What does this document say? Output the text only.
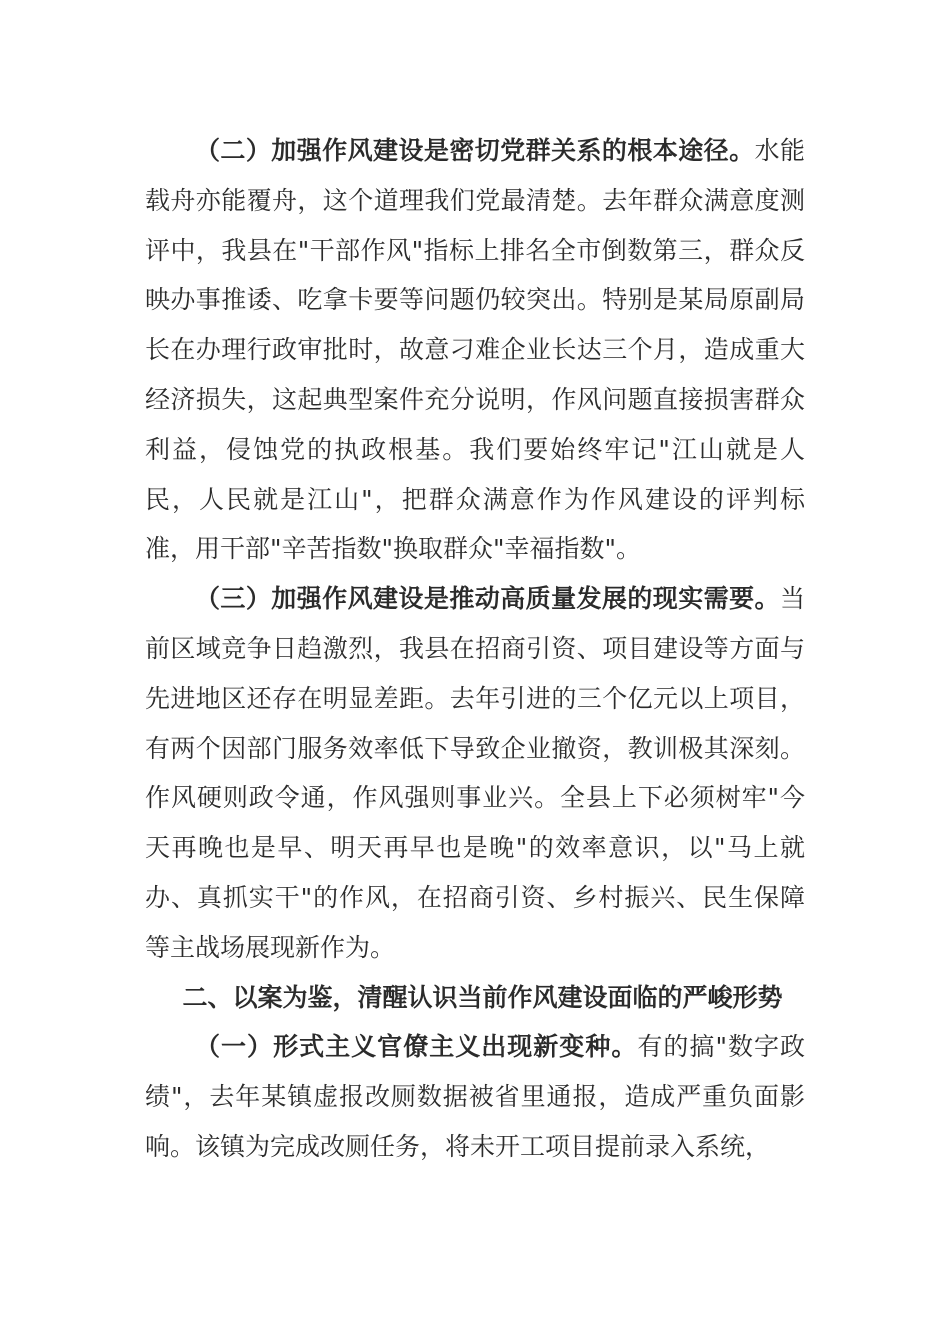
（二）加强作风建设是密切党群关系的根本途径。水能载舟亦能覆舟，这个道理我们党最清楚。去年群众满意度测评中，我县在"干部作风"指标上排名全市倒数第三，群众反映办事推诿、吃拿卡要等问题仍较突出。特别是某局原副局长在办理行政审批时，故意刁难企业长达三个月，造成重大经济损失，这起典型案件充分说明，作风问题直接损害群众利益，侵蚀党的执政根基。我们要始终牢记"江山就是人民，人民就是江山"，把群众满意作为作风建设的评判标准，用干部"辛苦指数"换取群众"幸福指数"。

（三）加强作风建设是推动高质量发展的现实需要。当前区域竞争日趋激烈，我县在招商引资、项目建设等方面与先进地区还存在明显差距。去年引进的三个亿元以上项目，有两个因部门服务效率低下导致企业撤资，教训极其深刻。作风硬则政令通，作风强则事业兴。全县上下必须树牢"今天再晚也是早、明天再早也是晚"的效率意识，以"马上就办、真抓实干"的作风，在招商引资、乡村振兴、民生保障等主战场展现新作为。

二、以案为鉴，清醒认识当前作风建设面临的严峻形势

（一）形式主义官僚主义出现新变种。有的搞"数字政绩"，去年某镇虚报改厕数据被省里通报，造成严重负面影响。该镇为完成改厕任务，将未开工项目提前录入系统，
